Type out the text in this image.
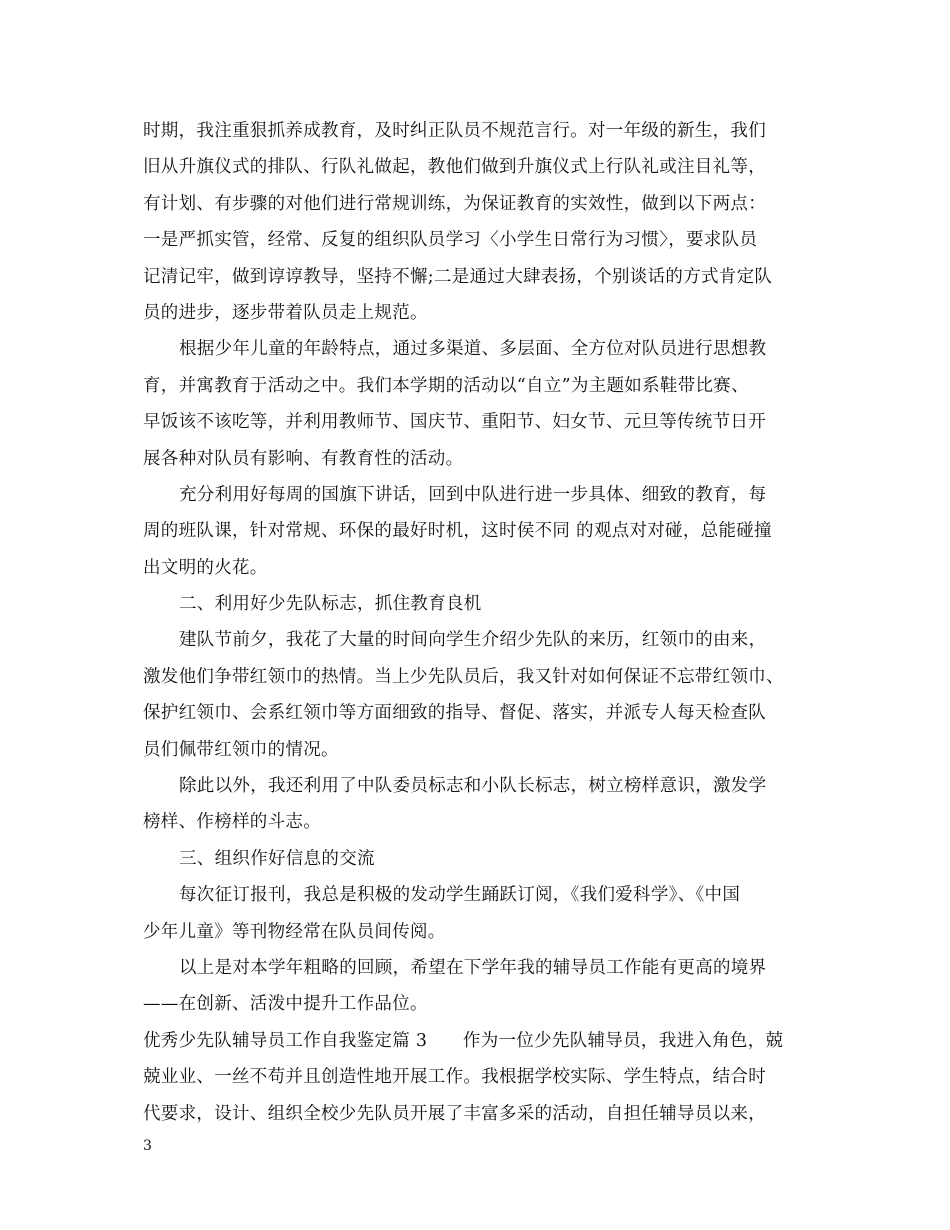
时期，我注重狠抓养成教育，及时纠正队员不规范言行。对一年级的新生，我们
旧从升旗仪式的排队、行队礼做起，教他们做到升旗仪式上行队礼或注目礼等，
有计划、有步骤的对他们进行常规训练，为保证教育的实效性，做到以下两点：
一是严抓实管，经常、反复的组织队员学习〈小学生日常行为习惯〉，要求队员
记清记牢，做到谆谆教导，坚持不懈;二是通过大肆表扬，个别谈话的方式肯定队
员的进步，逐步带着队员走上规范。
根据少年儿童的年龄特点，通过多渠道、多层面、全方位对队员进行思想教
育，并寓教育于活动之中。我们本学期的活动以“自立”为主题如系鞋带比赛、
早饭该不该吃等，并利用教师节、国庆节、重阳节、妇女节、元旦等传统节日开
展各种对队员有影响、有教育性的活动。
充分利用好每周的国旗下讲话，回到中队进行进一步具体、细致的教育，每
周的班队课，针对常规、环保的最好时机，这时侯不同 的观点对对碰，总能碰撞
出文明的火花。
二、利用好少先队标志，抓住教育良机
建队节前夕，我花了大量的时间向学生介绍少先队的来历，红领巾的由来，
激发他们争带红领巾的热情。当上少先队员后，我又针对如何保证不忘带红领巾、
保护红领巾、会系红领巾等方面细致的指导、督促、落实，并派专人每天检查队
员们佩带红领巾的情况。
除此以外，我还利用了中队委员标志和小队长标志，树立榜样意识，激发学
榜样、作榜样的斗志。
三、组织作好信息的交流
每次征订报刊，我总是积极的发动学生踊跃订阅，《我们爱科学》、《中国
少年儿童》等刊物经常在队员间传阅。
以上是对本学年粗略的回顾，希望在下学年我的辅导员工作能有更高的境界
——在创新、活泼中提升工作品位。
优秀少先队辅导员工作自我鉴定篇 3　　作为一位少先队辅导员，我进入角色，兢
兢业业、一丝不苟并且创造性地开展工作。我根据学校实际、学生特点，结合时
代要求，设计、组织全校少先队员开展了丰富多采的活动，自担任辅导员以来，
3
